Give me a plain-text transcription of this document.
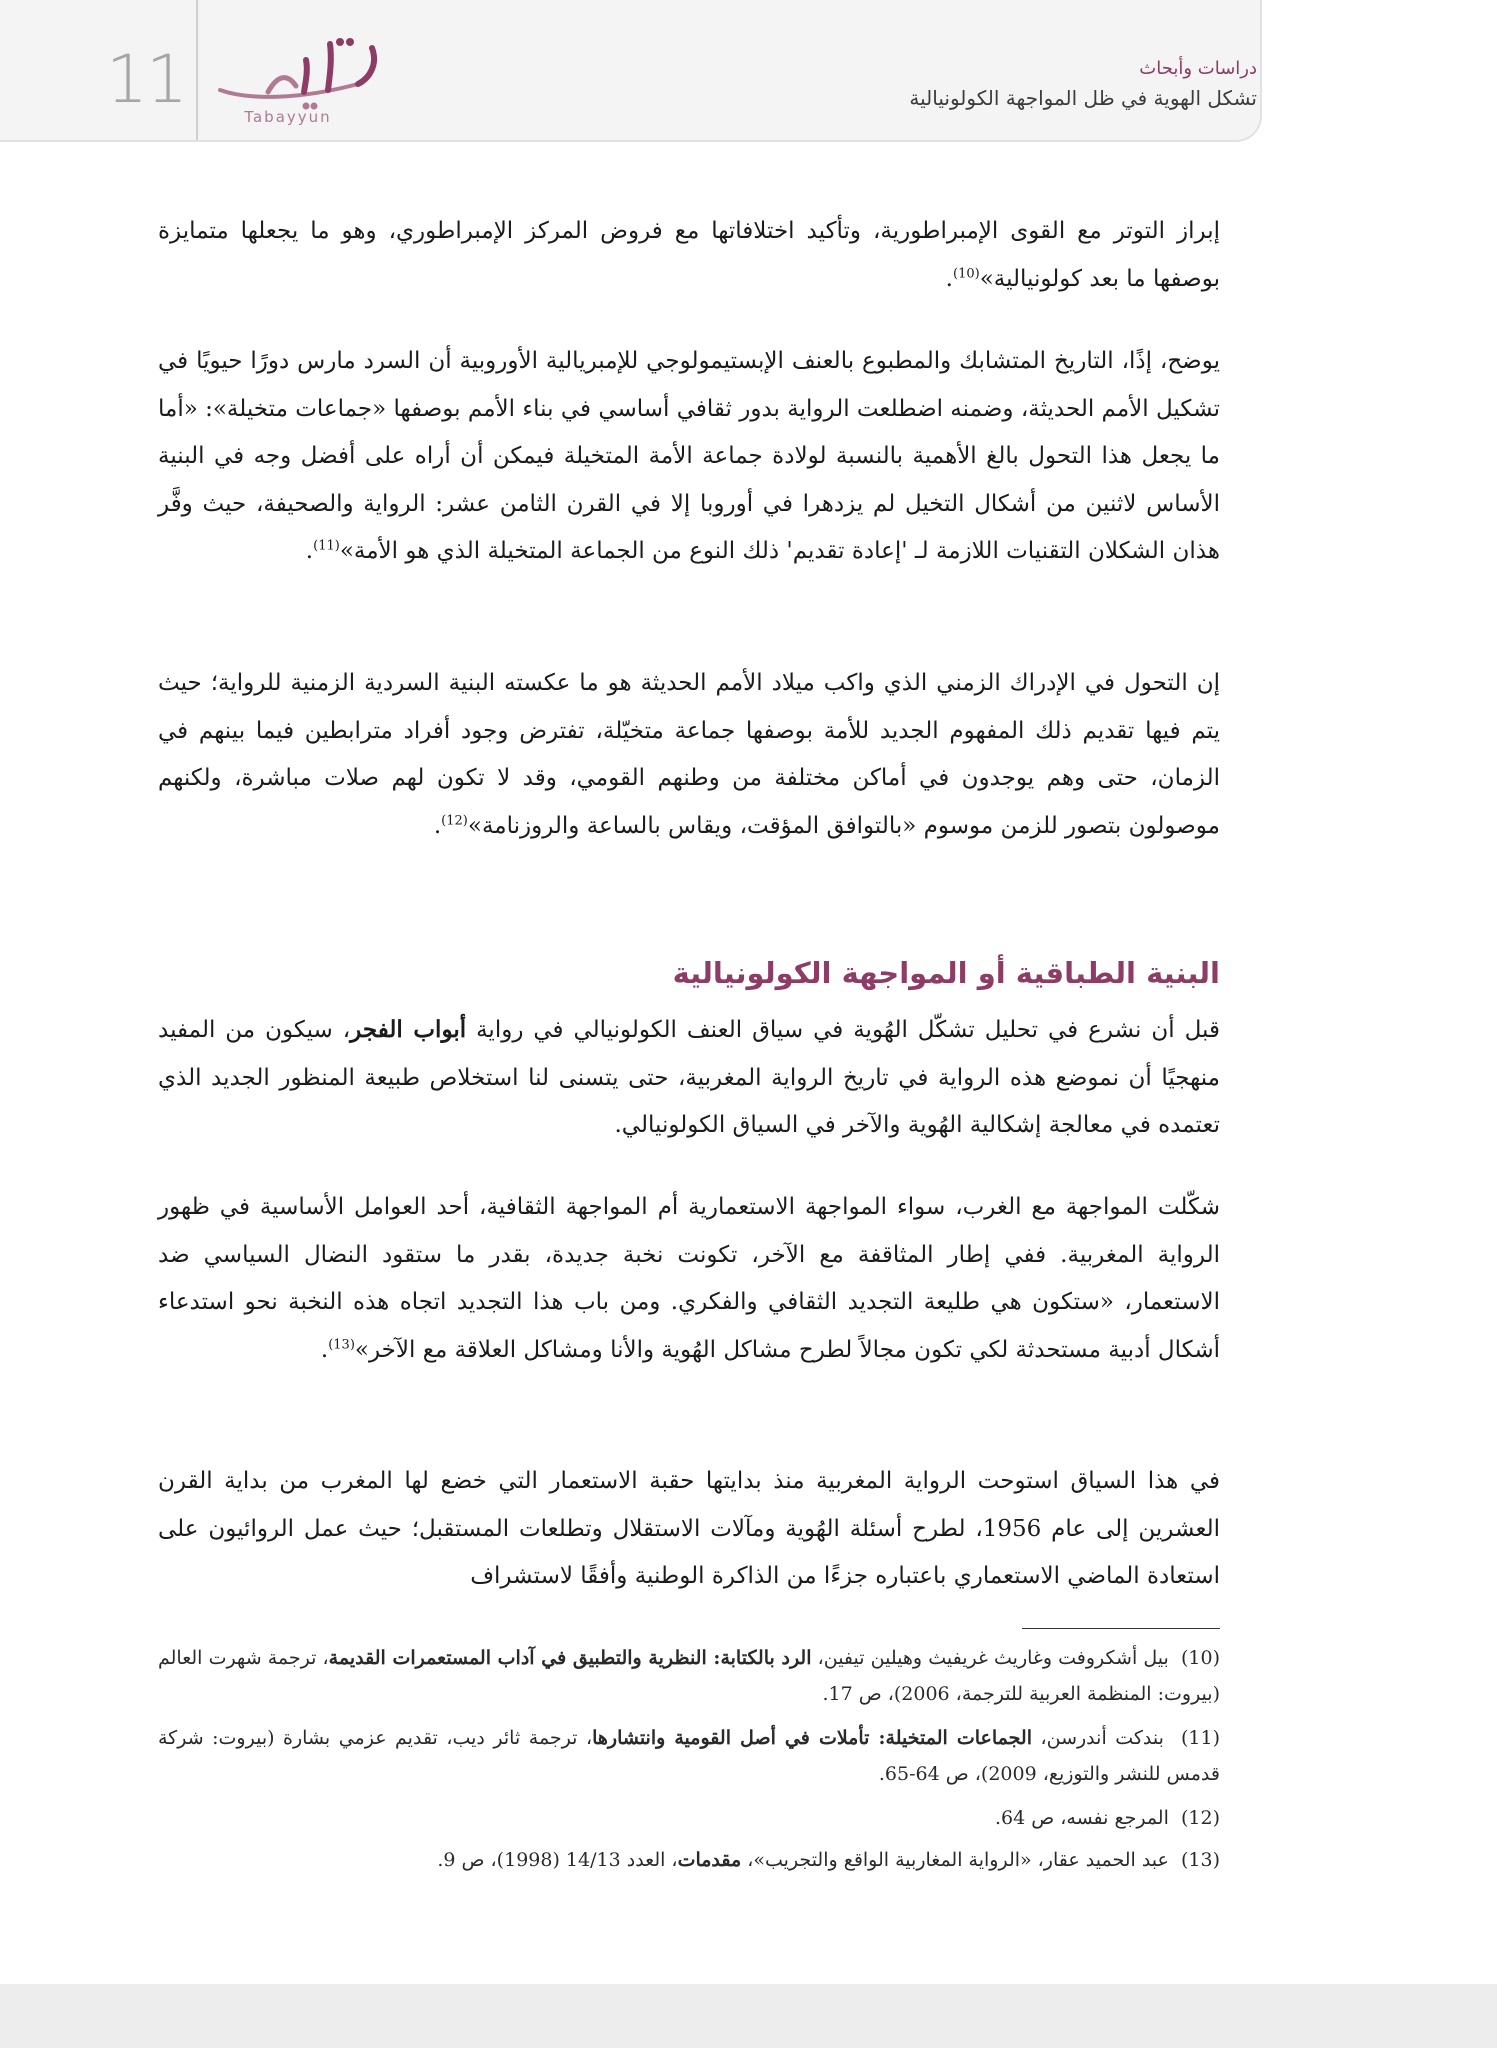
11	Tabayyun
دراسات وأبحاث
تشكل الهوية في ظل المواجهة الكولونيالية
إبراز التوتر مع القوى الإمبراطورية، وتأكيد اختلافاتها مع فروض المركز الإمبراطوري، وهو ما يجعلها متمايزة بوصفها ما بعد كولونيالية»$^{(10)}$.
يوضح، إذًا، التاريخ المتشابك والمطبوع بالعنف الإبستيمولوجي للإمبريالية الأوروبية أن السرد مارس دورًا حيويًا في تشكيل الأمم الحديثة، وضمنه اضطلعت الرواية بدور ثقافي أساسي في بناء الأمم بوصفها «جماعات متخيلة»: «أما ما يجعل هذا التحول بالغ الأهمية بالنسبة لولادة جماعة الأمة المتخيلة فيمكن أن أراه على أفضل وجه في البنية الأساس لاثنين من أشكال التخيل لم يزدهرا في أوروبا إلا في القرن الثامن عشر: الرواية والصحيفة، حيث وفَّر هذان الشكلان التقنيات اللازمة لـ 'إعادة تقديم' ذلك النوع من الجماعة المتخيلة الذي هو الأمة»$^{(11)}$.
إن التحول في الإدراك الزمني الذي واكب ميلاد الأمم الحديثة هو ما عكسته البنية السردية الزمنية للرواية؛ حيث يتم فيها تقديم ذلك المفهوم الجديد للأمة بوصفها جماعة متخيّلة، تفترض وجود أفراد مترابطين فيما بينهم في الزمان، حتى وهم يوجدون في أماكن مختلفة من وطنهم القومي، وقد لا تكون لهم صلات مباشرة، ولكنهم موصولون بتصور للزمن موسوم «بالتوافق المؤقت، ويقاس بالساعة والروزنامة»$^{(12)}$.
البنية الطباقية أو المواجهة الكولونيالية
قبل أن نشرع في تحليل تشكّل الهُوية في سياق العنف الكولونيالي في رواية أبواب الفجر، سيكون من المفيد منهجيًا أن نموضع هذه الرواية في تاريخ الرواية المغربية، حتى يتسنى لنا استخلاص طبيعة المنظور الجديد الذي تعتمده في معالجة إشكالية الهُوية والآخر في السياق الكولونيالي.
شكّلت المواجهة مع الغرب، سواء المواجهة الاستعمارية أم المواجهة الثقافية، أحد العوامل الأساسية في ظهور الرواية المغربية. ففي إطار المثاقفة مع الآخر، تكونت نخبة جديدة، بقدر ما ستقود النضال السياسي ضد الاستعمار، «ستكون هي طليعة التجديد الثقافي والفكري. ومن باب هذا التجديد اتجاه هذه النخبة نحو استدعاء أشكال أدبية مستحدثة لكي تكون مجالاً لطرح مشاكل الهُوية والأنا ومشاكل العلاقة مع الآخر»$^{(13)}$.
في هذا السياق استوحت الرواية المغربية منذ بدايتها حقبة الاستعمار التي خضع لها المغرب من بداية القرن العشرين إلى عام 1956، لطرح أسئلة الهُوية ومآلات الاستقلال وتطلعات المستقبل؛ حيث عمل الروائيون على استعادة الماضي الاستعماري باعتباره جزءًا من الذاكرة الوطنية وأفقًا لاستشراف
(10)  بيل أشكروفت وغاريث غريفيث وهيلين تيفين، الرد بالكتابة: النظرية والتطبيق في آداب المستعمرات القديمة، ترجمة شهرت العالم (بيروت: المنظمة العربية للترجمة، 2006)، ص 17.
(11)  بندكت أندرسن، الجماعات المتخيلة: تأملات في أصل القومية وانتشارها، ترجمة ثائر ديب، تقديم عزمي بشارة (بيروت: شركة قدمس للنشر والتوزيع، 2009)، ص 64-65.
(12)  المرجع نفسه، ص 64.
(13)  عبد الحميد عقار، «الرواية المغاربية الواقع والتجريب»، مقدمات، العدد 14/13 (1998)، ص 9.
